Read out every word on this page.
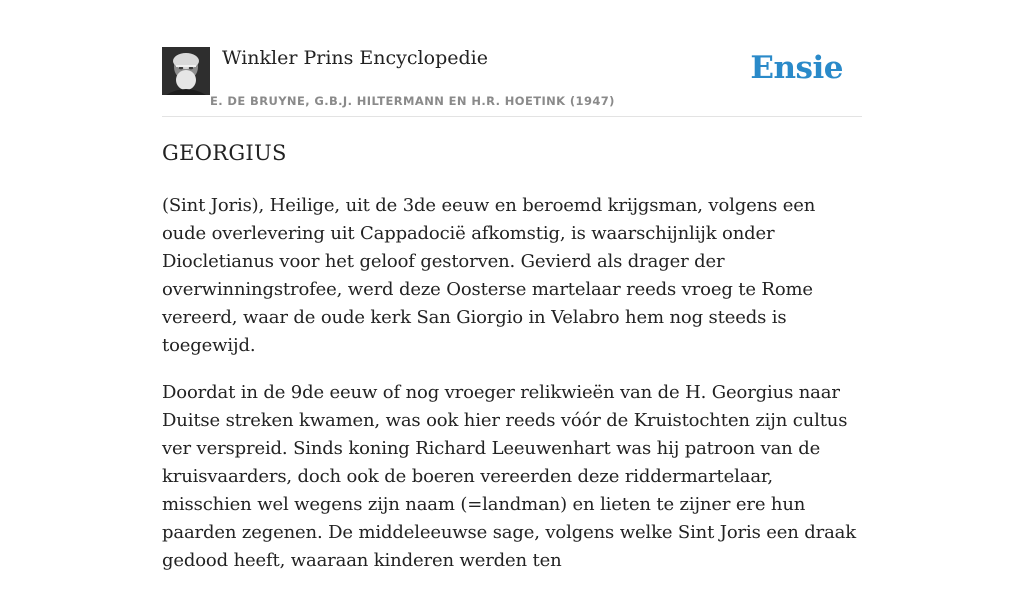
Winkler Prins Encyclopedie
E. DE BRUYNE, G.B.J. HILTERMANN EN H.R. HOETINK (1947)
Ensie
GEORGIUS

(Sint Joris), Heilige, uit de 3de eeuw en beroemd krijgsman, volgens een oude overlevering uit Cappadocië afkomstig, is waarschijnlijk onder Diocletianus voor het geloof gestorven. Gevierd als drager der overwinningstrofee, werd deze Oosterse martelaar reeds vroeg te Rome vereerd, waar de oude kerk San Giorgio in Velabro hem nog steeds is toegewijd.

Doordat in de 9de eeuw of nog vroeger relikwieën van de H. Georgius naar Duitse streken kwamen, was ook hier reeds vóór de Kruistochten zijn cultus ver verspreid. Sinds koning Richard Leeuwenhart was hij patroon van de kruisvaarders, doch ook de boeren vereerden deze riddermartelaar, misschien wel wegens zijn naam (=landman) en lieten te zijner ere hun paarden zegenen. De middeleeuwse sage, volgens welke Sint Joris een draak gedood heeft, waaraan kinderen werden ten
